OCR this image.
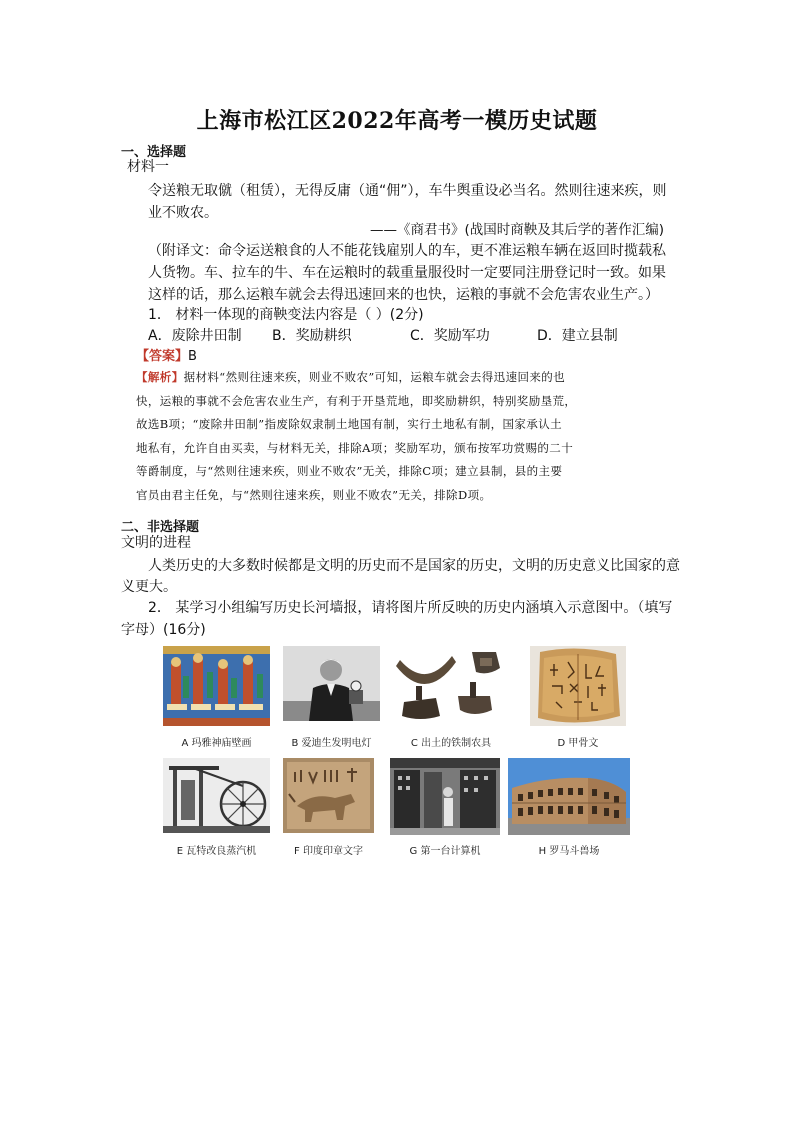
上海市松江区2022年高考一模历史试题
一、选择题
材料一
令送粮无取僦（租赁），无得反庸（通“佣”），车牛舆重设必当名。然则往速来疾，则
业不败农。
——《商君书》(战国时商鞅及其后学的著作汇编)
（附译文：命令运送粮食的人不能花钱雇别人的车，更不准运粮车辆在返回时揽载私
人货物。车、拉车的牛、车在运粮时的载重量服役时一定要同注册登记时一致。如果
这样的话，那么运粮车就会去得迅速回来的也快，运粮的事就不会危害农业生产。）
1． 材料一体现的商鞅变法内容是（ ）(2分)
A．废除井田制 B．奖励耕织	C．奖励军功	D．建立县制
【答案】B
【解析】据材料“然则往速来疾，则业不败农”可知，运粮车就会去得迅速回来的也
快，运粮的事就不会危害农业生产，有利于开垦荒地，即奖励耕织，特别奖励垦荒，
故选B项；“废除井田制”指废除奴隶制土地国有制，实行土地私有制，国家承认土
地私有，允许自由买卖，与材料无关，排除A项；奖励军功，颁布按军功赏赐的二十
等爵制度，与“然则往速来疾，则业不败农”无关，排除C项；建立县制，县的主要
官员由君主任免，与“然则往速来疾，则业不败农”无关，排除D项。
二、非选择题
文明的进程
人类历史的大多数时候都是文明的历史而不是国家的历史，文明的历史意义比国家的意
义更大。
2． 某学习小组编写历史长河墙报，请将图片所反映的历史内涵填入示意图中。（填写
字母）(16分)
A 玛雅神庙壁画	B 爱迪生发明电灯	C 出土的铁制农具	D 甲骨文
E 瓦特改良蒸汽机	F 印度印章文字	G 第一台计算机	H 罗马斗兽场
